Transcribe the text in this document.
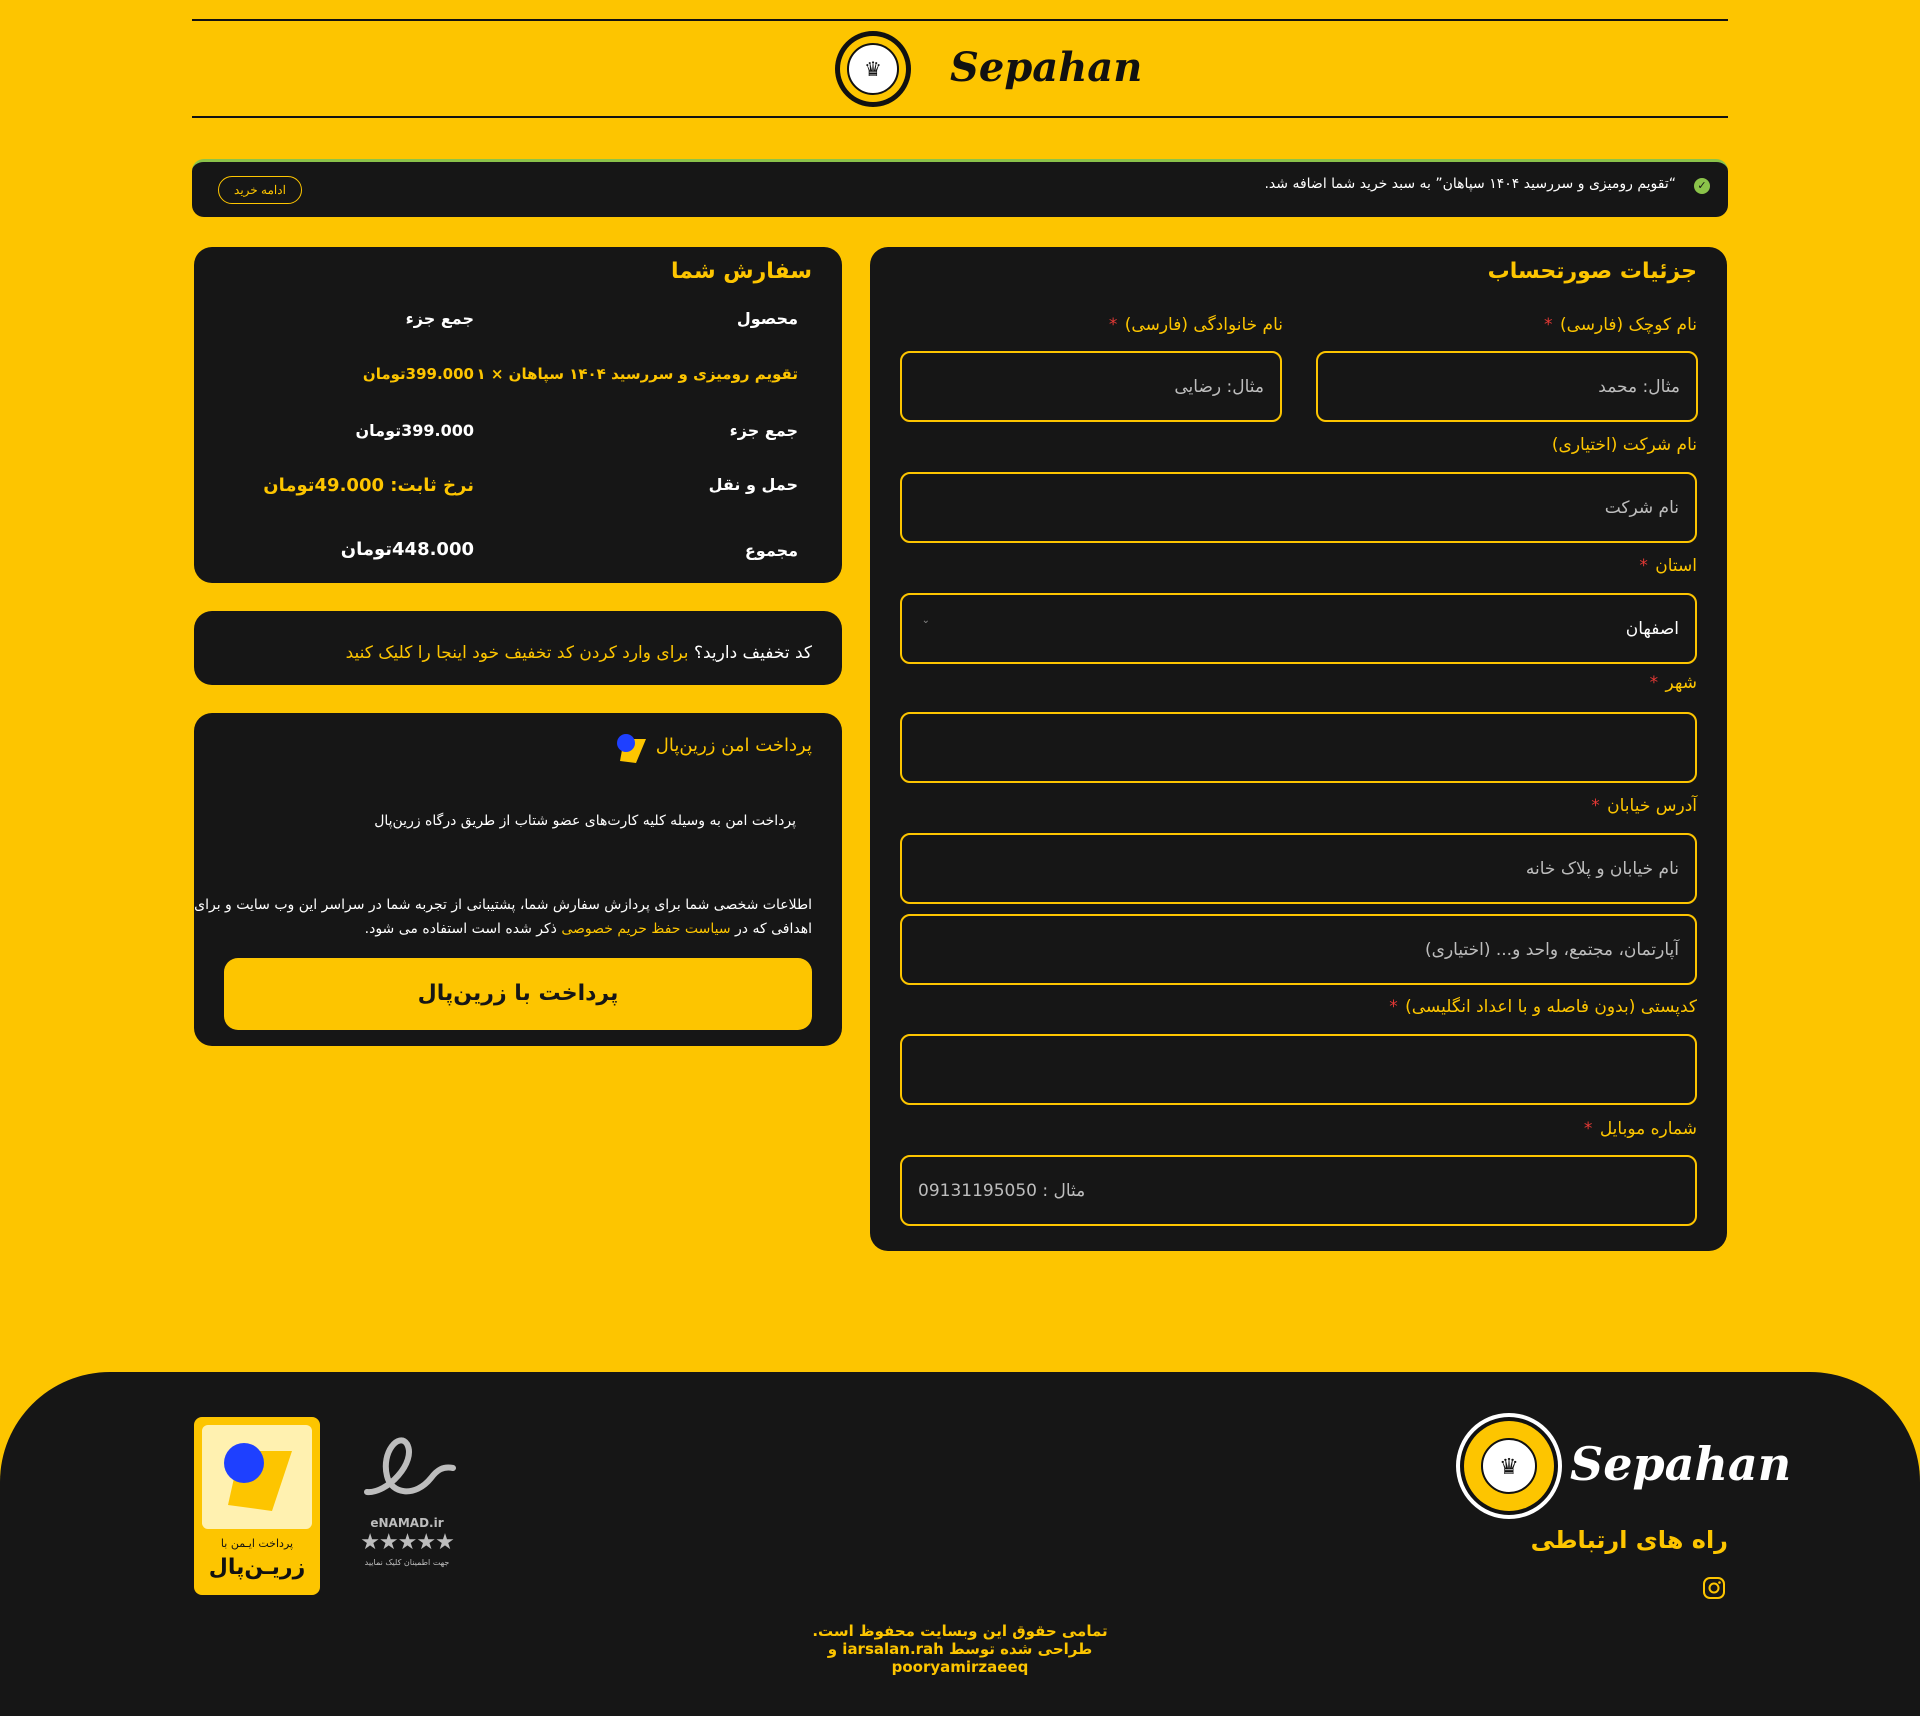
♛ Sepahan
✓
“تقویم رومیزی و سررسید ۱۴۰۴ سپاهان” به سبد خرید شما اضافه شد.
ادامه خرید
جزئیات صورتحساب
نام کوچک (فارسی) *
مثال: محمد
نام خانوادگی (فارسی) *
مثال: رضایی
نام شرکت (اختیاری)
نام شرکت
استان *
اصفهان
⌄
شهر *
آدرس خیابان *
نام خیابان و پلاک خانه
آپارتمان، مجتمع، واحد و... (اختیاری)
کدپستی (بدون فاصله و با اعداد انگلیسی) *
شماره موبایل *
مثال : 09131195050
سفارش شما
محصول
جمع جزء
تقویم رومیزی و سررسید ۱۴۰۴ سپاهان × ۱
399.000تومان
جمع جزء
399.000تومان
حمل و نقل
نرخ ثابت: 49.000تومان
مجموع
448.000تومان
کد تخفیف دارید؟ برای وارد کردن کد تخفیف خود اینجا را کلیک کنید
پرداخت امن زرین‌پال
پرداخت امن به وسیله کلیه کارت‌های عضو شتاب از طریق درگاه زرین‌پال
اطلاعات شخصی شما برای پردازش سفارش شما، پشتیبانی از تجربه شما در سراسر این وب سایت و برای
اهدافی که در سیاست حفظ حریم خصوصی ذکر شده است استفاده می شود.
پرداخت با زرین‌پال
♛ Sepahan
راه های ارتباطی
پرداخت ایـمن با
زریـن‌پال
eNAMAD.ir
★★★★★
جهت اطمینان کلیک نمایید
تمامی حقوق این وبسایت محفوظ است.
طراحی شده توسط iarsalan.rah و
pooryamirzaeeq
